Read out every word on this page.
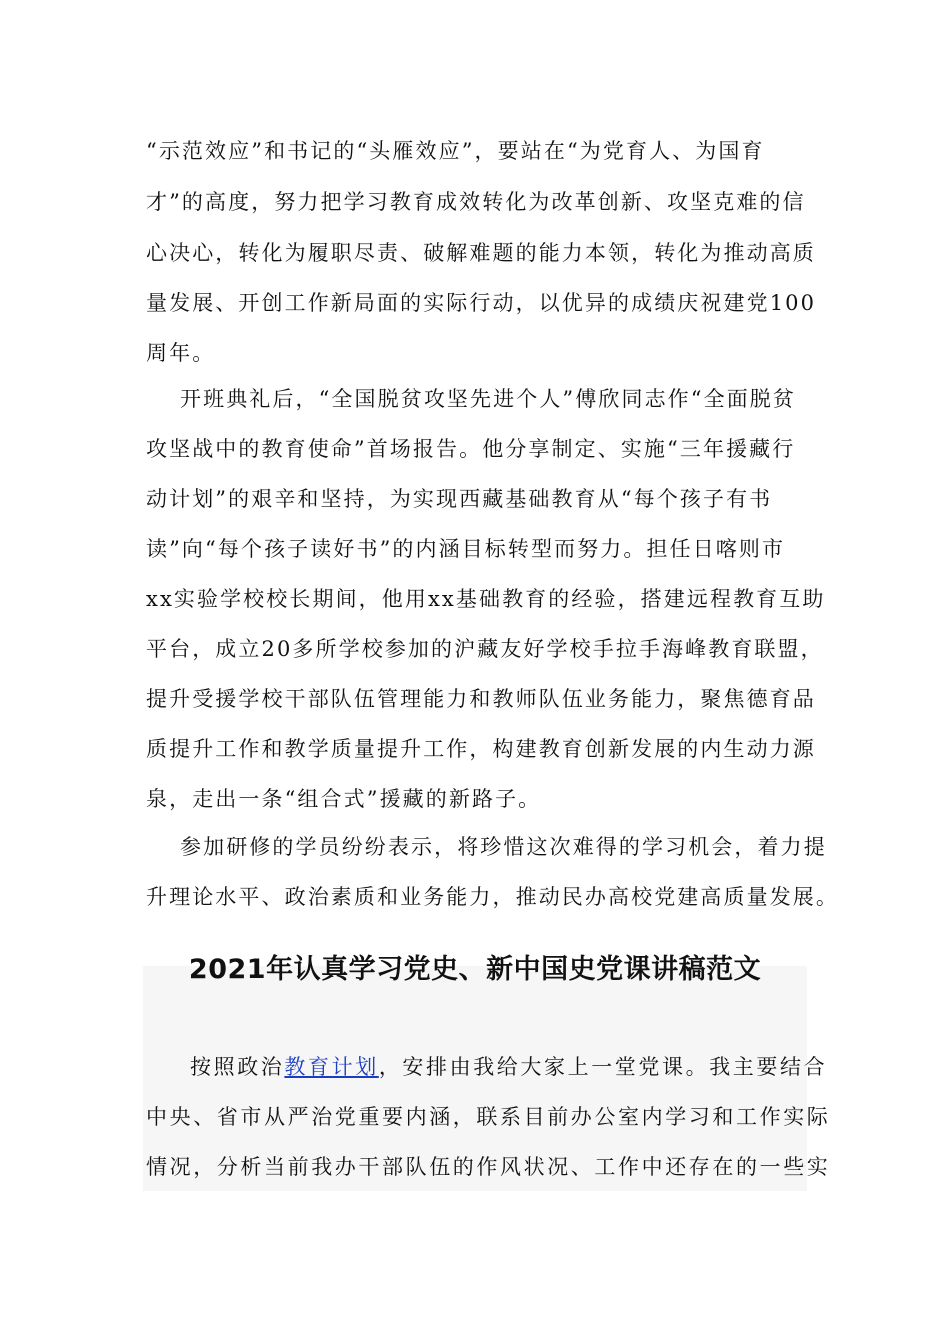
“示范效应”和书记的“头雁效应”，要站在“为党育人、为国育
才”的高度，努力把学习教育成效转化为改革创新、攻坚克难的信
心决心，转化为履职尽责、破解难题的能力本领，转化为推动高质
量发展、开创工作新局面的实际行动，以优异的成绩庆祝建党100
周年。
开班典礼后，“全国脱贫攻坚先进个人”傅欣同志作“全面脱贫
攻坚战中的教育使命”首场报告。他分享制定、实施“三年援藏行
动计划”的艰辛和坚持，为实现西藏基础教育从“每个孩子有书
读”向“每个孩子读好书”的内涵目标转型而努力。担任日喀则市
xx实验学校校长期间，他用xx基础教育的经验，搭建远程教育互助
平台，成立20多所学校参加的沪藏友好学校手拉手海峰教育联盟，
提升受援学校干部队伍管理能力和教师队伍业务能力，聚焦德育品
质提升工作和教学质量提升工作，构建教育创新发展的内生动力源
泉，走出一条“组合式”援藏的新路子。
参加研修的学员纷纷表示，将珍惜这次难得的学习机会，着力提
升理论水平、政治素质和业务能力，推动民办高校党建高质量发展。
2021年认真学习党史、新中国史党课讲稿范文
按照政治教育计划，安排由我给大家上一堂党课。我主要结合
中央、省市从严治党重要内涵，联系目前办公室内学习和工作实际
情况，分析当前我办干部队伍的作风状况、工作中还存在的一些实
